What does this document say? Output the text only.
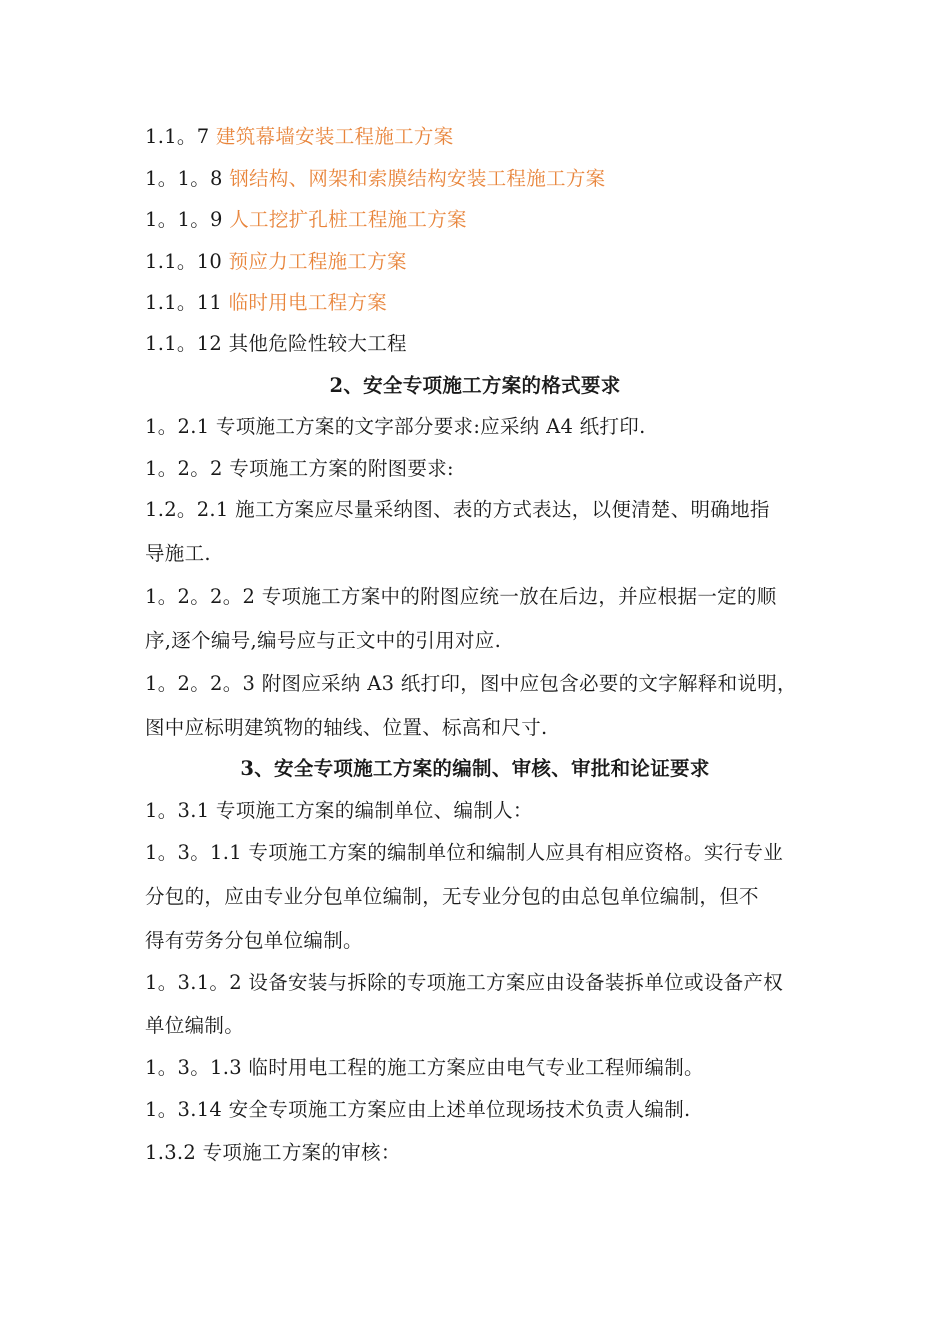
1.1。7 建筑幕墙安装工程施工方案
1。1。8 钢结构、网架和索膜结构安装工程施工方案
1。1。9 人工挖扩孔桩工程施工方案
1.1。10 预应力工程施工方案
1.1。11 临时用电工程方案
1.1。12 其他危险性较大工程
2、安全专项施工方案的格式要求
1。2.1 专项施工方案的文字部分要求:应采纳 A4 纸打印.
1。2。2 专项施工方案的附图要求:
1.2。2.1 施工方案应尽量采纳图、表的方式表达，以便清楚、明确地指
导施工.
1。2。2。2 专项施工方案中的附图应统一放在后边，并应根据一定的顺
序,逐个编号,编号应与正文中的引用对应.
1。2。2。3 附图应采纳 A3 纸打印，图中应包含必要的文字解释和说明，
图中应标明建筑物的轴线、位置、标高和尺寸.
3、安全专项施工方案的编制、审核、审批和论证要求
1。3.1 专项施工方案的编制单位、编制人：
1。3。1.1 专项施工方案的编制单位和编制人应具有相应资格。实行专业
分包的，应由专业分包单位编制，无专业分包的由总包单位编制，但不
得有劳务分包单位编制。
1。3.1。2 设备安装与拆除的专项施工方案应由设备装拆单位或设备产权
单位编制。
1。3。1.3 临时用电工程的施工方案应由电气专业工程师编制。
1。3.14 安全专项施工方案应由上述单位现场技术负责人编制.
1.3.2 专项施工方案的审核：
